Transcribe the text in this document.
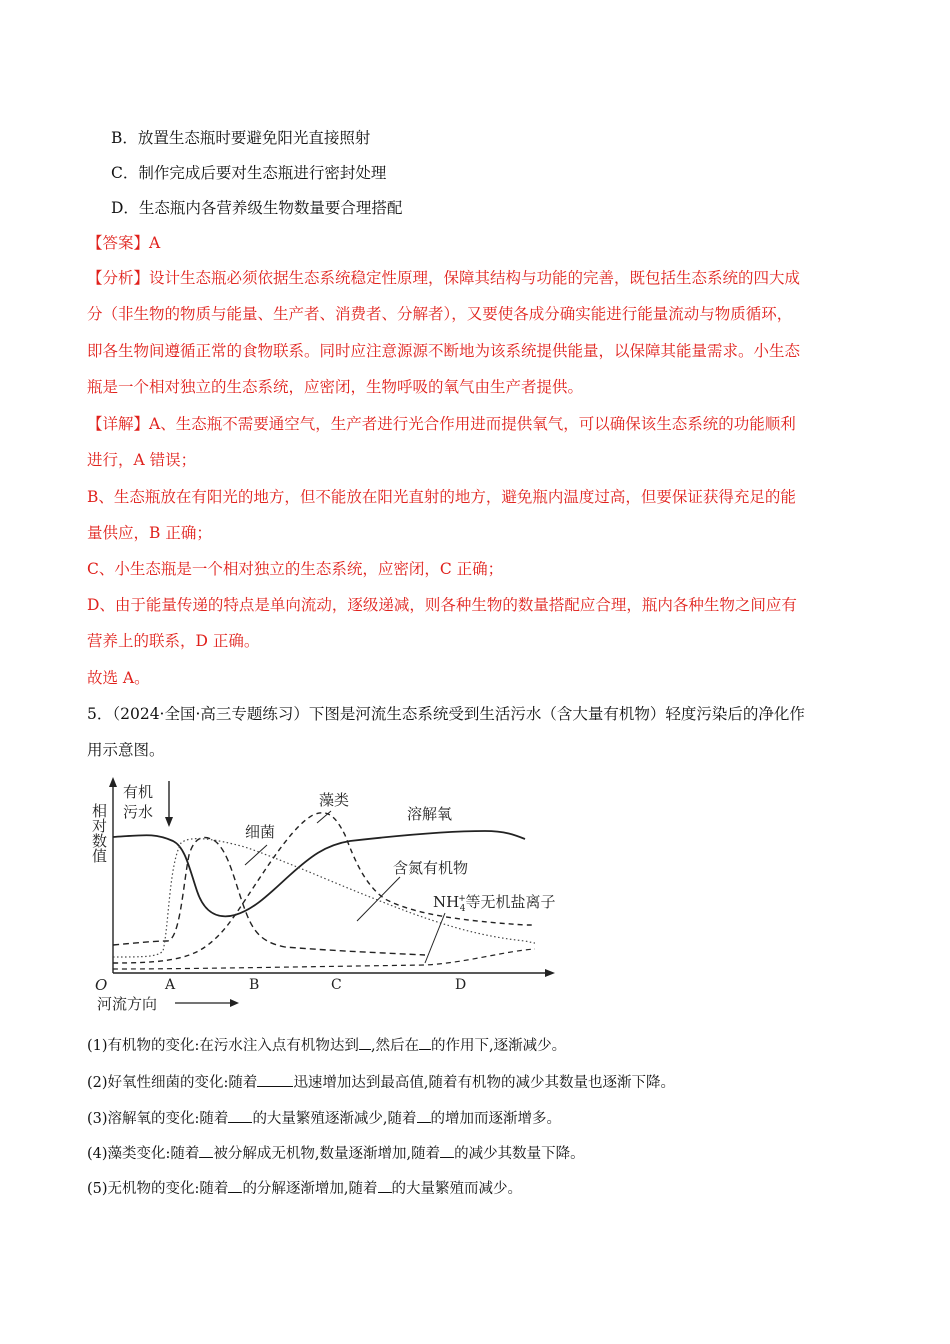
B．放置生态瓶时要避免阳光直接照射
C．制作完成后要对生态瓶进行密封处理
D．生态瓶内各营养级生物数量要合理搭配
【答案】A
【分析】设计生态瓶必须依据生态系统稳定性原理，保障其结构与功能的完善，既包括生态系统的四大成
分（非生物的物质与能量、生产者、消费者、分解者），又要使各成分确实能进行能量流动与物质循环，
即各生物间遵循正常的食物联系。同时应注意源源不断地为该系统提供能量，以保障其能量需求。小生态
瓶是一个相对独立的生态系统，应密闭，生物呼吸的氧气由生产者提供。
【详解】A、生态瓶不需要通空气，生产者进行光合作用进而提供氧气，可以确保该生态系统的功能顺利
进行，A 错误；
B、生态瓶放在有阳光的地方，但不能放在阳光直射的地方，避免瓶内温度过高，但要保证获得充足的能
量供应，B 正确；
C、小生态瓶是一个相对独立的生态系统，应密闭，C 正确；
D、由于能量传递的特点是单向流动，逐级递减，则各种生物的数量搭配应合理，瓶内各种生物之间应有
营养上的联系，D 正确。
故选 A。
5．（2024·全国·高三专题练习）下图是河流生态系统受到生活污水（含大量有机物）轻度污染后的净化作
用示意图。
相对数值
有机
污水
细菌
藻类
溶解氧
含氮有机物
NH+ 4等无机盐离子
O	A	B	C	D
河流方向
(1)有机物的变化:在污水注入点有机物达到 ,然后在 的作用下,逐渐减少。
(2)好氧性细菌的变化:随着 迅速增加达到最高值,随着有机物的减少其数量也逐渐下降。
(3)溶解氧的变化:随着 的大量繁殖逐渐减少,随着 的增加而逐渐增多。
(4)藻类变化:随着 被分解成无机物,数量逐渐增加,随着 的减少其数量下降。
(5)无机物的变化:随着 的分解逐渐增加,随着 的大量繁殖而减少。
